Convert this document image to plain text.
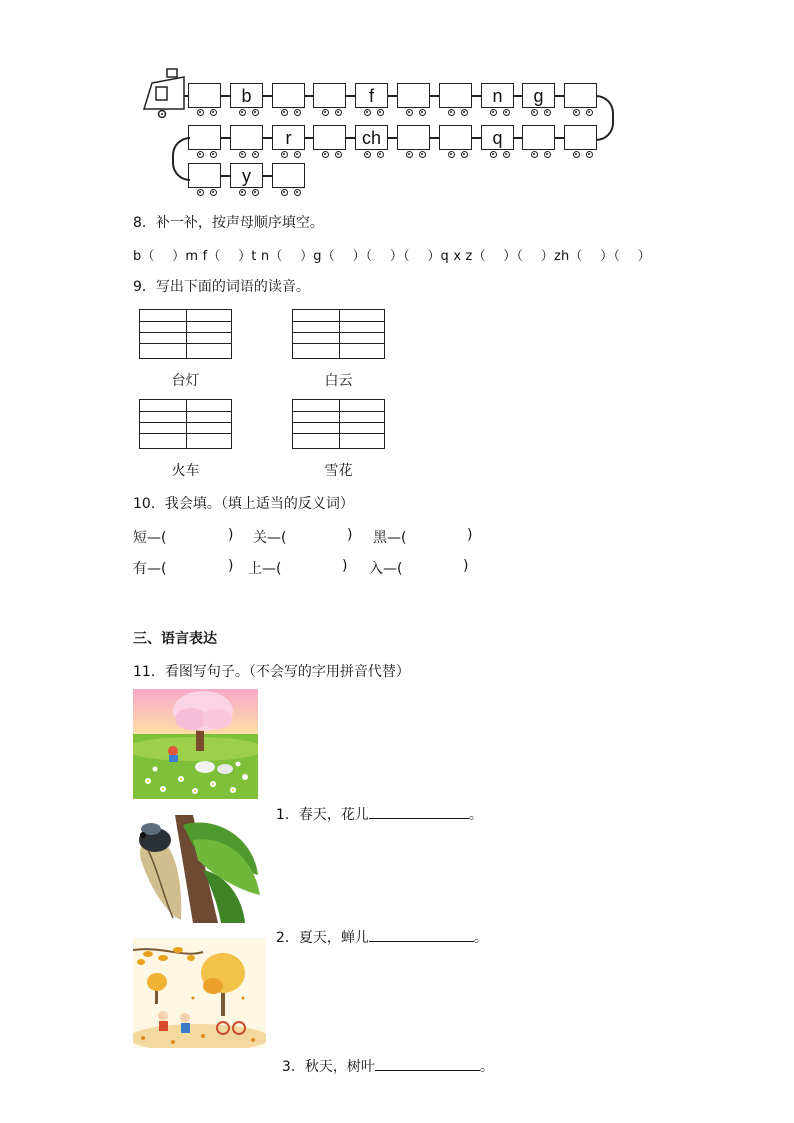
b	f	n	g
r	ch	q
y
8．补一补，按声母顺序填空。
b（　 ）m f（　 ）t n（　 ）g（　 ）（　 ）（　 ）q x z（　 ）（　 ）zh（　 ）（　 ）
9．写出下面的词语的读音。
台灯	白云
火车	雪花
10．我会填。（填上适当的反义词）
短—(	) 关—(	) 黑—(	)
有—(	) 上—(	) 入—(	)
三、语言表达
11．看图写句子。（不会写的字用拼音代替）

1．春天，花儿	。

2．夏天，蝉儿	。

3．秋天，树叶	。
